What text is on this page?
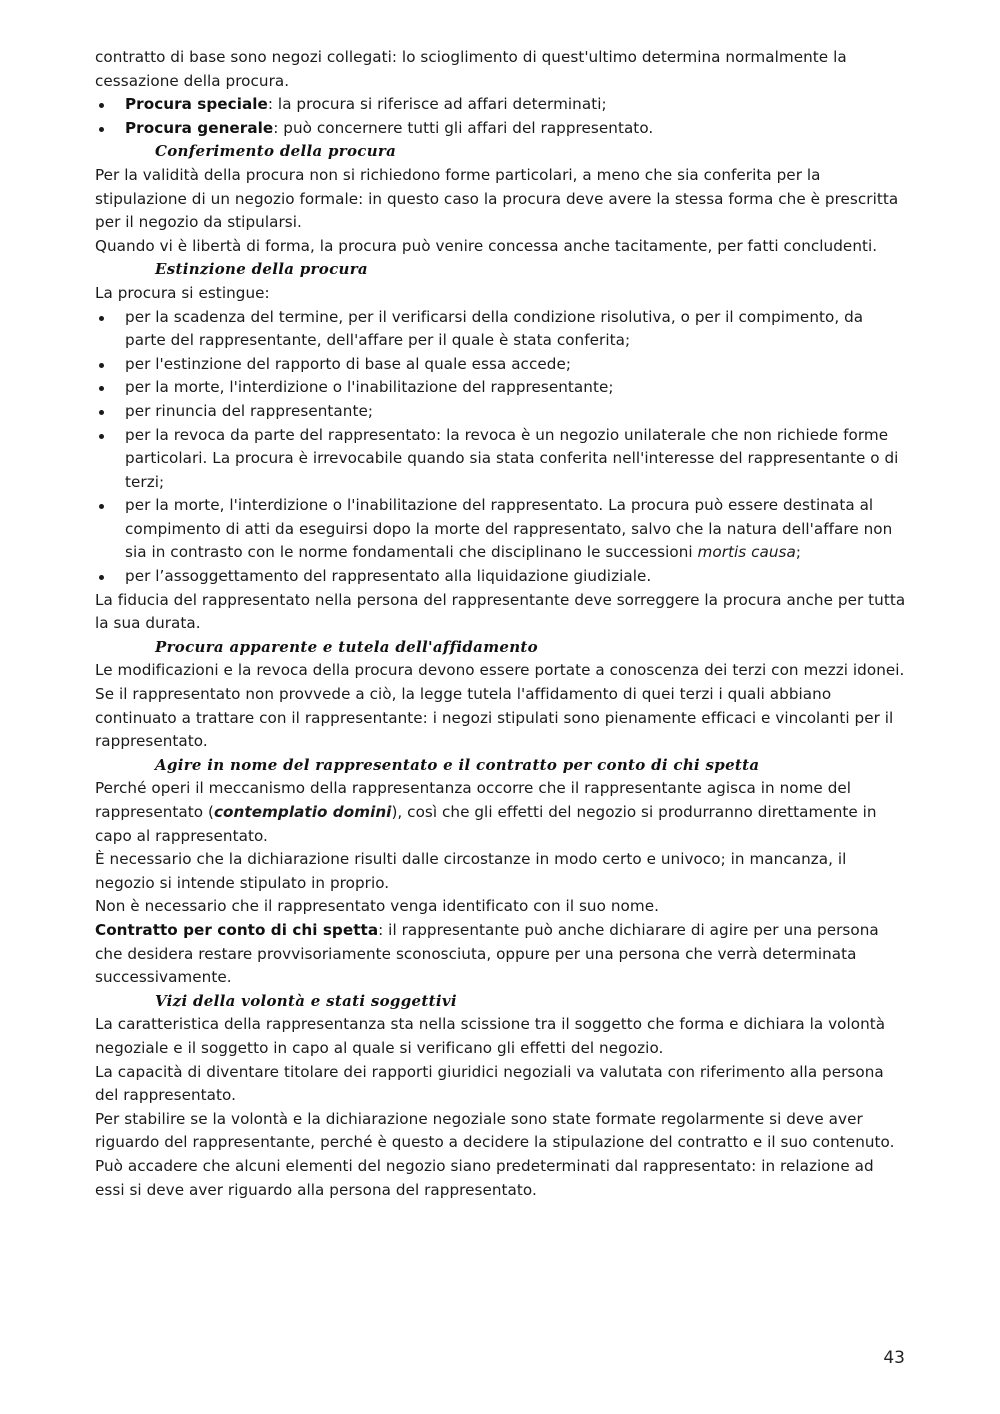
contratto di base sono negozi collegati: lo scioglimento di quest'ultimo determina normalmente la

cessazione della procura.

Procura speciale: la procura si riferisce ad affari determinati;
Procura generale: può concernere tutti gli affari del rappresentato.

Conferimento della procura

Per la validità della procura non si richiedono forme particolari, a meno che sia conferita per la stipulazione di un negozio formale: in questo caso la procura deve avere la stessa forma che è prescritta per il negozio da stipularsi.

Quando vi è libertà di forma, la procura può venire concessa anche tacitamente, per fatti concludenti.

Estinzione della procura

La procura si estingue:

per la scadenza del termine, per il verificarsi della condizione risolutiva, o per il compimento, da parte del rappresentante, dell'affare per il quale è stata conferita;
per l'estinzione del rapporto di base al quale essa accede;
per la morte, l'interdizione o l'inabilitazione del rappresentante;
per rinuncia del rappresentante;
per la revoca da parte del rappresentato: la revoca è un negozio unilaterale che non richiede forme particolari. La procura è irrevocabile quando sia stata conferita nell'interesse del rappresentante o di terzi;
per la morte, l'interdizione o l'inabilitazione del rappresentato. La procura può essere destinata al compimento di atti da eseguirsi dopo la morte del rappresentato, salvo che la natura dell'affare non sia in contrasto con le norme fondamentali che disciplinano le successioni mortis causa;
per l’assoggettamento del rappresentato alla liquidazione giudiziale.

La fiducia del rappresentato nella persona del rappresentante deve sorreggere la procura anche per tutta la sua durata.

Procura apparente e tutela dell'affidamento

Le modificazioni e la revoca della procura devono essere portate a conoscenza dei terzi con mezzi idonei.

Se il rappresentato non provvede a ciò, la legge tutela l'affidamento di quei terzi i quali abbiano continuato a trattare con il rappresentante: i negozi stipulati sono pienamente efficaci e vincolanti per il rappresentato.

Agire in nome del rappresentato e il contratto per conto di chi spetta

Perché operi il meccanismo della rappresentanza occorre che il rappresentante agisca in nome del rappresentato (contemplatio domini), così che gli effetti del negozio si produrranno direttamente in capo al rappresentato.

È necessario che la dichiarazione risulti dalle circostanze in modo certo e univoco; in mancanza, il negozio si intende stipulato in proprio.

Non è necessario che il rappresentato venga identificato con il suo nome.

Contratto per conto di chi spetta: il rappresentante può anche dichiarare di agire per una persona che desidera restare provvisoriamente sconosciuta, oppure per una persona che verrà determinata successivamente.

Vizi della volontà e stati soggettivi

La caratteristica della rappresentanza sta nella scissione tra il soggetto che forma e dichiara la volontà negoziale e il soggetto in capo al quale si verificano gli effetti del negozio.

La capacità di diventare titolare dei rapporti giuridici negoziali va valutata con riferimento alla persona del rappresentato.

Per stabilire se la volontà e la dichiarazione negoziale sono state formate regolarmente si deve aver riguardo del rappresentante, perché è questo a decidere la stipulazione del contratto e il suo contenuto.

Può accadere che alcuni elementi del negozio siano predeterminati dal rappresentato: in relazione ad essi si deve aver riguardo alla persona del rappresentato.

43
